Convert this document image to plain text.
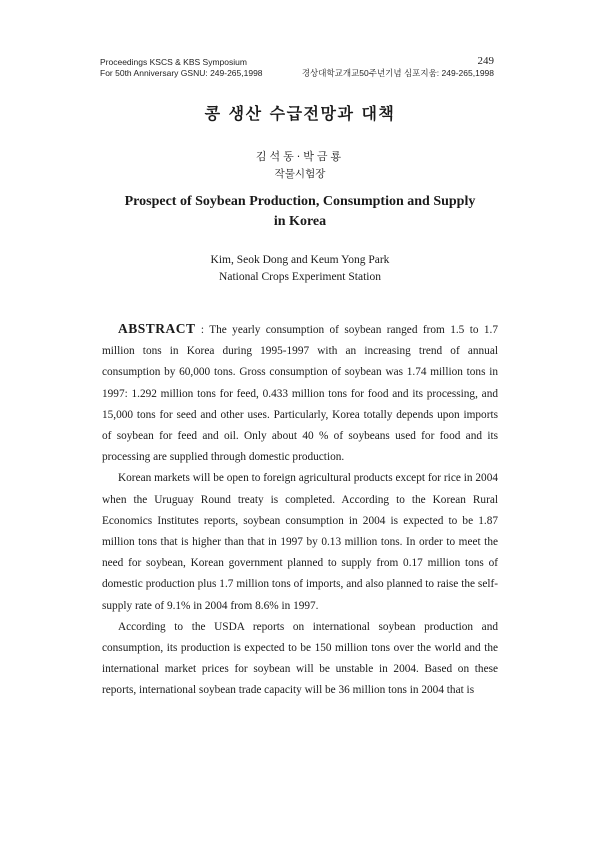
Proceedings KSCS & KBS Symposium
For 50th Anniversary GSNU: 249-265,1998
249
경상대학교개교50주년기념 심포지움: 249-265,1998
콩 생산 수급전망과 대책
김석동·박금룡
작물시험장
Prospect of Soybean Production, Consumption and Supply
in Korea
Kim, Seok Dong and Keum Yong Park
National Crops Experiment Station

ABSTRACT : The yearly consumption of soybean ranged from 1.5 to 1.7 million tons in Korea during 1995-1997 with an increasing trend of annual consumption by 60,000 tons. Gross consumption of soybean was 1.74 million tons in 1997: 1.292 million tons for feed, 0.433 million tons for food and its processing, and 15,000 tons for seed and other uses. Particularly, Korea totally depends upon imports of soybean for feed and oil. Only about 40 % of soybeans used for food and its processing are supplied through domestic production.

Korean markets will be open to foreign agricultural products except for rice in 2004 when the Uruguay Round treaty is completed. According to the Korean Rural Economics Institutes reports, soybean consumption in 2004 is expected to be 1.87 million tons that is higher than that in 1997 by 0.13 million tons. In order to meet the need for soybean, Korean government planned to supply from 0.17 million tons of domestic production plus 1.7 million tons of imports, and also planned to raise the self-supply rate of 9.1% in 2004 from 8.6% in 1997.

According to the USDA reports on international soybean production and consumption, its production is expected to be 150 million tons over the world and the international market prices for soybean will be unstable in 2004. Based on these reports, international soybean trade capacity will be 36 million tons in 2004 that is
